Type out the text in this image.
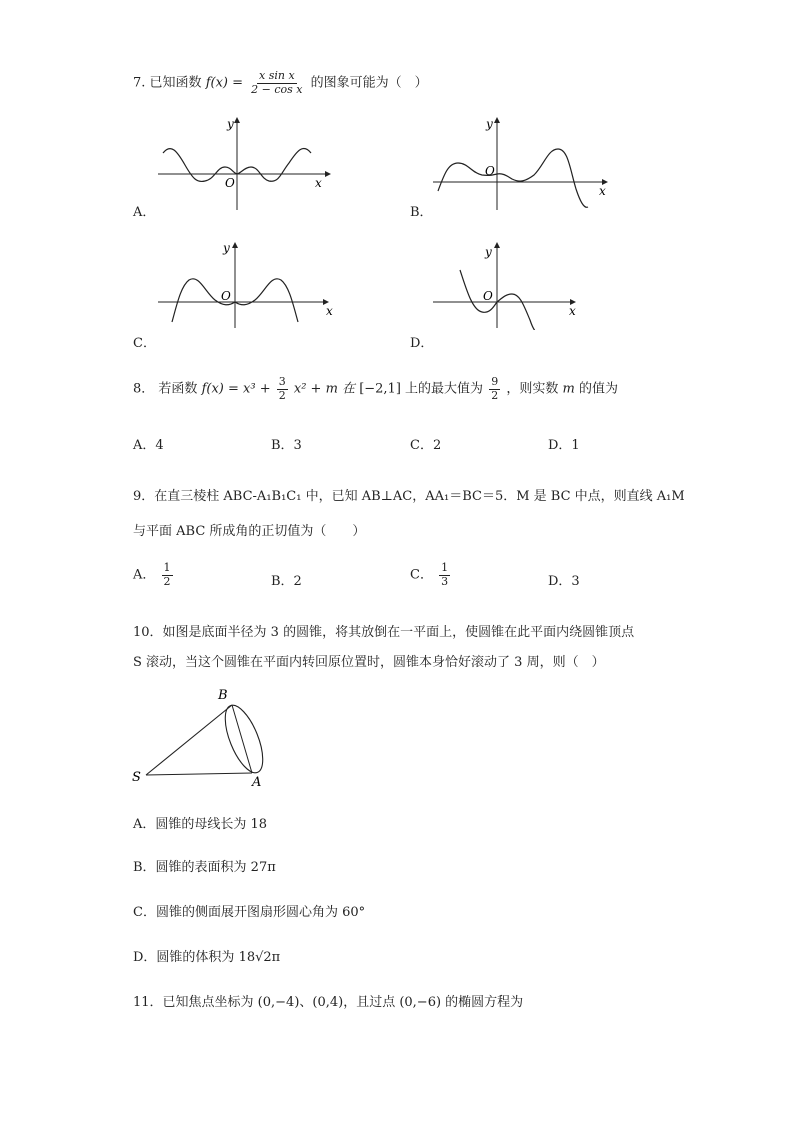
7. 已知函数 $f(x) = \frac{\text{x sin x}}{\text{2 − cos x}}$ 的图象可能为（　）
x
y
O
A．
x
y
O
B．
x
y
O
C．
x
y
O
D．
8． 若函数 $f(x) = x^3 + \frac{3}{2} x^2 + m$ 在 [−2,1] 上的最大值为 $\frac{9}{2}$ ，则实数 m 的值为
A．4	B．3	C．2	D．1
9．在直三棱柱 ABC-A₁B₁C₁ 中，已知 AB⊥AC，AA₁＝BC＝5．M 是 BC 中点，则直线 A₁M
与平面 ABC 所成角的正切值为（　　）
A． $\frac{1}{2}$	B．2	C． $\frac{1}{3}$	D．3
10．如图是底面半径为 3 的圆锥，将其放倒在一平面上，使圆锥在此平面内绕圆锥顶点
S 滚动，当这个圆锥在平面内转回原位置时，圆锥本身恰好滚动了 3 周，则（　）
B
S	A
A．圆锥的母线长为 18
B．圆锥的表面积为 27π
C．圆锥的侧面展开图扇形圆心角为 60°
D．圆锥的体积为 18√2π
11．已知焦点坐标为 (0,−4)、(0,4)，且过点 (0,−6) 的椭圆方程为
